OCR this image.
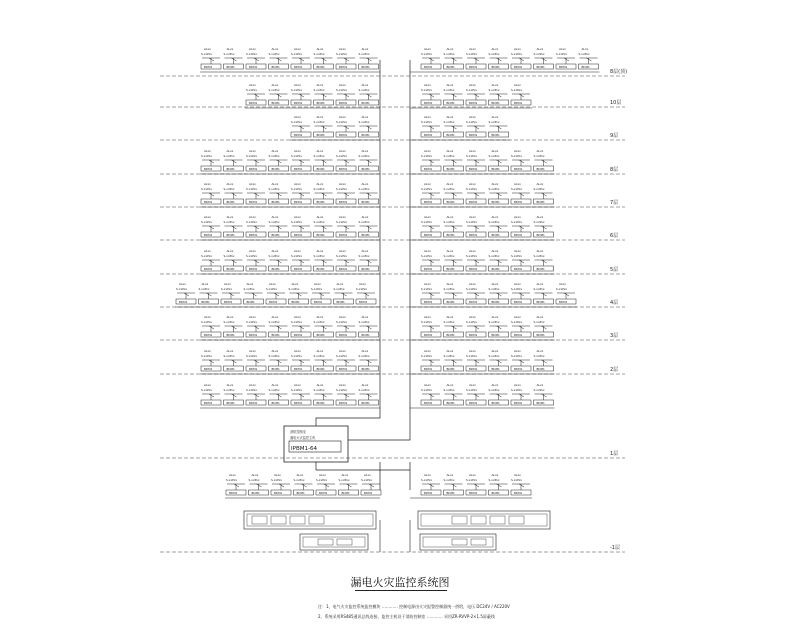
ALxx
S-xxPxx
BDM1
ALxx
S-xxPxx
BDM1
ALxx
S-xxPxx
BDM1
ALxx
S-xxPxx
BDM1
ALxx
S-xxPxx
BDM1
ALxx
S-xxPxx
BDM1
ALxx
S-xxPxx
BDM1
ALxx
S-xxPxx
BDM1
ALxx
S-xxPxx
BDM1
ALxx
S-xxPxx
BDM1
ALxx
S-xxPxx
BDM1
ALxx
S-xxPxx
BDM1
ALxx
S-xxPxx
BDM1
ALxx
S-xxPxx
BDM1
ALxx
S-xxPxx
BDM1
ALxx
S-xxPxx
BDM1
ALxx
S-xxPxx
BDM1
ALxx
S-xxPxx
BDM1
ALxx
S-xxPxx
BDM1
ALxx
S-xxPxx
BDM1
ALxx
S-xxPxx
BDM1
ALxx
S-xxPxx
BDM1
ALxx
S-xxPxx
BDM1
ALxx
S-xxPxx
BDM1
ALxx
S-xxPxx
BDM1
ALxx
S-xxPxx
BDM1
ALxx
S-xxPxx
BDM1
ALxx
S-xxPxx
BDM1
ALxx
S-xxPxx
BDM1
ALxx
S-xxPxx
BDM1
ALxx
S-xxPxx
BDM1
ALxx
S-xxPxx
BDM1
ALxx
S-xxPxx
BDM1
ALxx
S-xxPxx
BDM1
ALxx
S-xxPxx
BDM1
ALxx
S-xxPxx
BDM1
ALxx
S-xxPxx
BDM1
ALxx
S-xxPxx
BDM1
ALxx
S-xxPxx
BDM1
ALxx
S-xxPxx
BDM1
ALxx
S-xxPxx
BDM1
ALxx
S-xxPxx
BDM1
ALxx
S-xxPxx
BDM1
ALxx
S-xxPxx
BDM1
ALxx
S-xxPxx
BDM1
ALxx
S-xxPxx
BDM1
ALxx
S-xxPxx
BDM1
ALxx
S-xxPxx
BDM1
ALxx
S-xxPxx
BDM1
ALxx
S-xxPxx
BDM1
ALxx
S-xxPxx
BDM1
ALxx
S-xxPxx
BDM1
ALxx
S-xxPxx
BDM1
ALxx
S-xxPxx
BDM1
ALxx
S-xxPxx
BDM1
ALxx
S-xxPxx
BDM1
ALxx
S-xxPxx
BDM1
ALxx
S-xxPxx
BDM1
ALxx
S-xxPxx
BDM1
ALxx
S-xxPxx
BDM1
ALxx
S-xxPxx
BDM1
ALxx
S-xxPxx
BDM1
ALxx
S-xxPxx
BDM1
ALxx
S-xxPxx
BDM1
ALxx
S-xxPxx
BDM1
ALxx
S-xxPxx
BDM1
ALxx
S-xxPxx
BDM1
ALxx
S-xxPxx
BDM1
ALxx
S-xxPxx
BDM1
ALxx
S-xxPxx
BDM1
ALxx
S-xxPxx
BDM1
ALxx
S-xxPxx
BDM1
ALxx
S-xxPxx
BDM1
ALxx
S-xxPxx
BDM1
ALxx
S-xxPxx
BDM1
ALxx
S-xxPxx
BDM1
ALxx
S-xxPxx
BDM1
ALxx
S-xxPxx
BDM1
ALxx
S-xxPxx
BDM1
ALxx
S-xxPxx
BDM1
ALxx
S-xxPxx
BDM1
ALxx
S-xxPxx
BDM1
ALxx
S-xxPxx
BDM1
ALxx
S-xxPxx
BDM1
ALxx
S-xxPxx
BDM1
ALxx
S-xxPxx
BDM1
ALxx
S-xxPxx
BDM1
ALxx
S-xxPxx
BDM1
ALxx
S-xxPxx
BDM1
ALxx
S-xxPxx
BDM1
ALxx
S-xxPxx
BDM1
ALxx
S-xxPxx
BDM1
ALxx
S-xxPxx
BDM1
ALxx
S-xxPxx
BDM1
ALxx
S-xxPxx
BDM1
ALxx
S-xxPxx
BDM1
ALxx
S-xxPxx
BDM1
ALxx
S-xxPxx
BDM1
ALxx
S-xxPxx
BDM1
ALxx
S-xxPxx
BDM1
ALxx
S-xxPxx
BDM1
ALxx
S-xxPxx
BDM1
ALxx
S-xxPxx
BDM1
ALxx
S-xxPxx
BDM1
ALxx
S-xxPxx
BDM1
ALxx
S-xxPxx
BDM1
ALxx
S-xxPxx
BDM1
ALxx
S-xxPxx
BDM1
ALxx
S-xxPxx
BDM1
ALxx
S-xxPxx
BDM1
ALxx
S-xxPxx
BDM1
ALxx
S-xxPxx
BDM1
ALxx
S-xxPxx
BDM1
ALxx
S-xxPxx
BDM1
ALxx
S-xxPxx
BDM1
ALxx
S-xxPxx
BDM1
ALxx
S-xxPxx
BDM1
ALxx
S-xxPxx
BDM1
ALxx
S-xxPxx
BDM1
ALxx
S-xxPxx
BDM1
ALxx
S-xxPxx
BDM1
ALxx
S-xxPxx
BDM1
ALxx
S-xxPxx
BDM1
ALxx
S-xxPxx
BDM1
ALxx
S-xxPxx
BDM1
ALxx
S-xxPxx
BDM1
ALxx
S-xxPxx
BDM1
ALxx
S-xxPxx
BDM1
ALxx
S-xxPxx
BDM1
ALxx
S-xxPxx
BDM1
ALxx
S-xxPxx
BDM1
ALxx
S-xxPxx
BDM1
ALxx
S-xxPxx
BDM1
ALxx
S-xxPxx
BDM1
ALxx
S-xxPxx
BDM1
ALxx
S-xxPxx
BDM1
ALxx
S-xxPxx
BDM1
ALxx
S-xxPxx
BDM1
ALxx
S-xxPxx
BDM1
ALxx
S-xxPxx
BDM1
ALxx
S-xxPxx
BDM1
ALxx
S-xxPxx
BDM1
ALxx
S-xxPxx
BDM1
ALxx
S-xxPxx
BDM1
ALxx
S-xxPxx
BDM1
ALxx
S-xxPxx
BDM1
ALxx
S-xxPxx
BDM1
ALxx
S-xxPxx
BDM1
ALxx
S-xxPxx
BDM1
ALxx
S-xxPxx
BDM1
ALxx
S-xxPxx
BDM1
ALxx
S-xxPxx
BDM1
ALxx
S-xxPxx
BDM1
ALxx
S-xxPxx
BDM1
ALxx
S-xxPxx
BDM1
ALxx
S-xxPxx
BDM1
ALxx
S-xxPxx
BDM1
ALxx
S-xxPxx
BDM1
ALxx
S-xxPxx
BDM1
ALxx
S-xxPxx
BDM1
ALxx
S-xxPxx
BDM1
8层(顶)
10层
9层
8层
7层
6层
5层
4层
3层
2层
1层
-1层
消防控制室
漏电火灾监控主机
IPBM1-64
漏电火灾监控系统图
注：1、电气火灾监控系统监控模块 ………… 控制电源由火灾报警控制器统一供给，电压 DC24V / AC220V
2、系统采用RS485通讯总线连接，监控主机设于消防控制室 ………… 采用ZR-RVVP-2×1.5屏蔽线
